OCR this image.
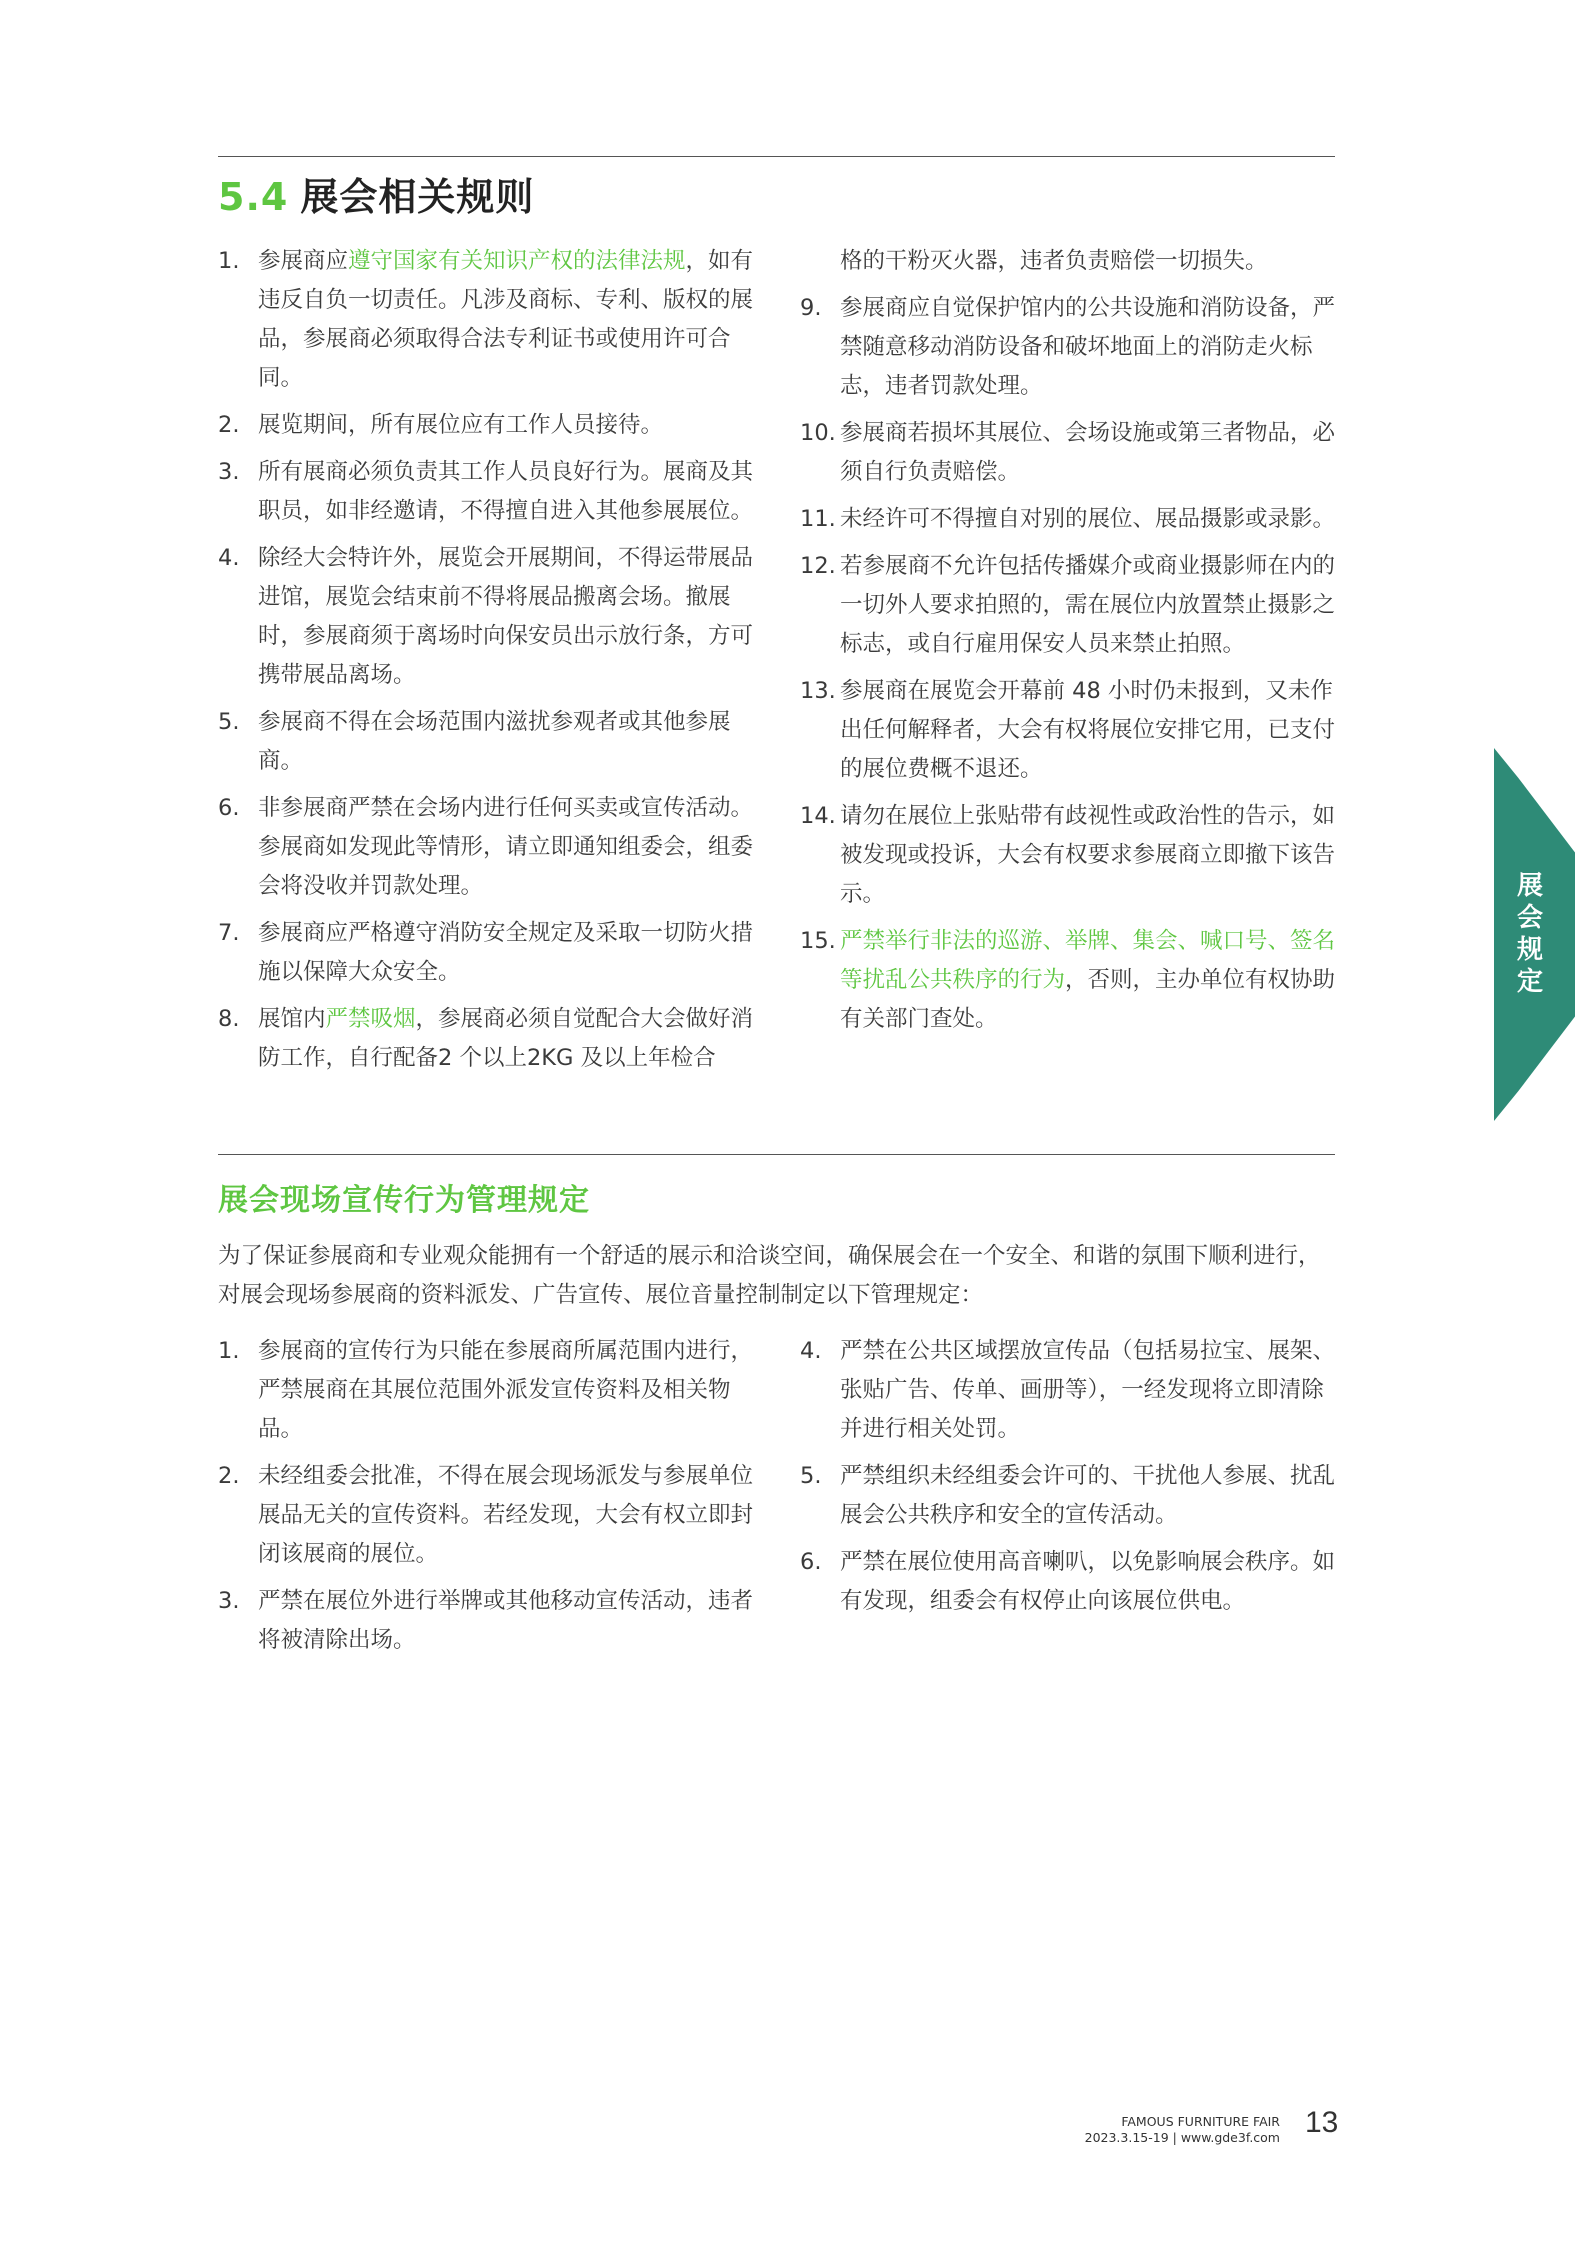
5.4 展会相关规则
1. 参展商应遵守国家有关知识产权的法律法规，如有违反自负一切责任。凡涉及商标、专利、版权的展品，参展商必须取得合法专利证书或使用许可合同。
2. 展览期间，所有展位应有工作人员接待。
3. 所有展商必须负责其工作人员良好行为。展商及其职员，如非经邀请，不得擅自进入其他参展展位。
4. 除经大会特许外，展览会开展期间，不得运带展品进馆，展览会结束前不得将展品搬离会场。撤展时，参展商须于离场时向保安员出示放行条，方可携带展品离场。
5. 参展商不得在会场范围内滋扰参观者或其他参展商。
6. 非参展商严禁在会场内进行任何买卖或宣传活动。参展商如发现此等情形，请立即通知组委会，组委会将没收并罚款处理。
7. 参展商应严格遵守消防安全规定及采取一切防火措施以保障大众安全。
8. 展馆内严禁吸烟，参展商必须自觉配合大会做好消防工作，自行配备2 个以上2KG 及以上年检合
格的干粉灭火器，违者负责赔偿一切损失。
9. 参展商应自觉保护馆内的公共设施和消防设备，严禁随意移动消防设备和破坏地面上的消防走火标志，违者罚款处理。
10. 参展商若损坏其展位、会场设施或第三者物品，必须自行负责赔偿。
11. 未经许可不得擅自对别的展位、展品摄影或录影。
12. 若参展商不允许包括传播媒介或商业摄影师在内的一切外人要求拍照的，需在展位内放置禁止摄影之标志，或自行雇用保安人员来禁止拍照。
13. 参展商在展览会开幕前 48 小时仍未报到，又未作出任何解释者，大会有权将展位安排它用，已支付的展位费概不退还。
14. 请勿在展位上张贴带有歧视性或政治性的告示，如被发现或投诉，大会有权要求参展商立即撤下该告示。
15. 严禁举行非法的巡游、举牌、集会、喊口号、签名等扰乱公共秩序的行为，否则，主办单位有权协助有关部门查处。
展会现场宣传行为管理规定
为了保证参展商和专业观众能拥有一个舒适的展示和洽谈空间，确保展会在一个安全、和谐的氛围下顺利进行，对展会现场参展商的资料派发、广告宣传、展位音量控制制定以下管理规定：
1. 参展商的宣传行为只能在参展商所属范围内进行，严禁展商在其展位范围外派发宣传资料及相关物品。
2. 未经组委会批准，不得在展会现场派发与参展单位展品无关的宣传资料。若经发现，大会有权立即封闭该展商的展位。
3. 严禁在展位外进行举牌或其他移动宣传活动，违者将被清除出场。
4. 严禁在公共区域摆放宣传品（包括易拉宝、展架、张贴广告、传单、画册等），一经发现将立即清除并进行相关处罚。
5. 严禁组织未经组委会许可的、干扰他人参展、扰乱展会公共秩序和安全的宣传活动。
6. 严禁在展位使用高音喇叭，以免影响展会秩序。如有发现，组委会有权停止向该展位供电。
展
会
规
定
FAMOUS FURNITURE FAIR
2023.3.15-19 | www.gde3f.com 13
